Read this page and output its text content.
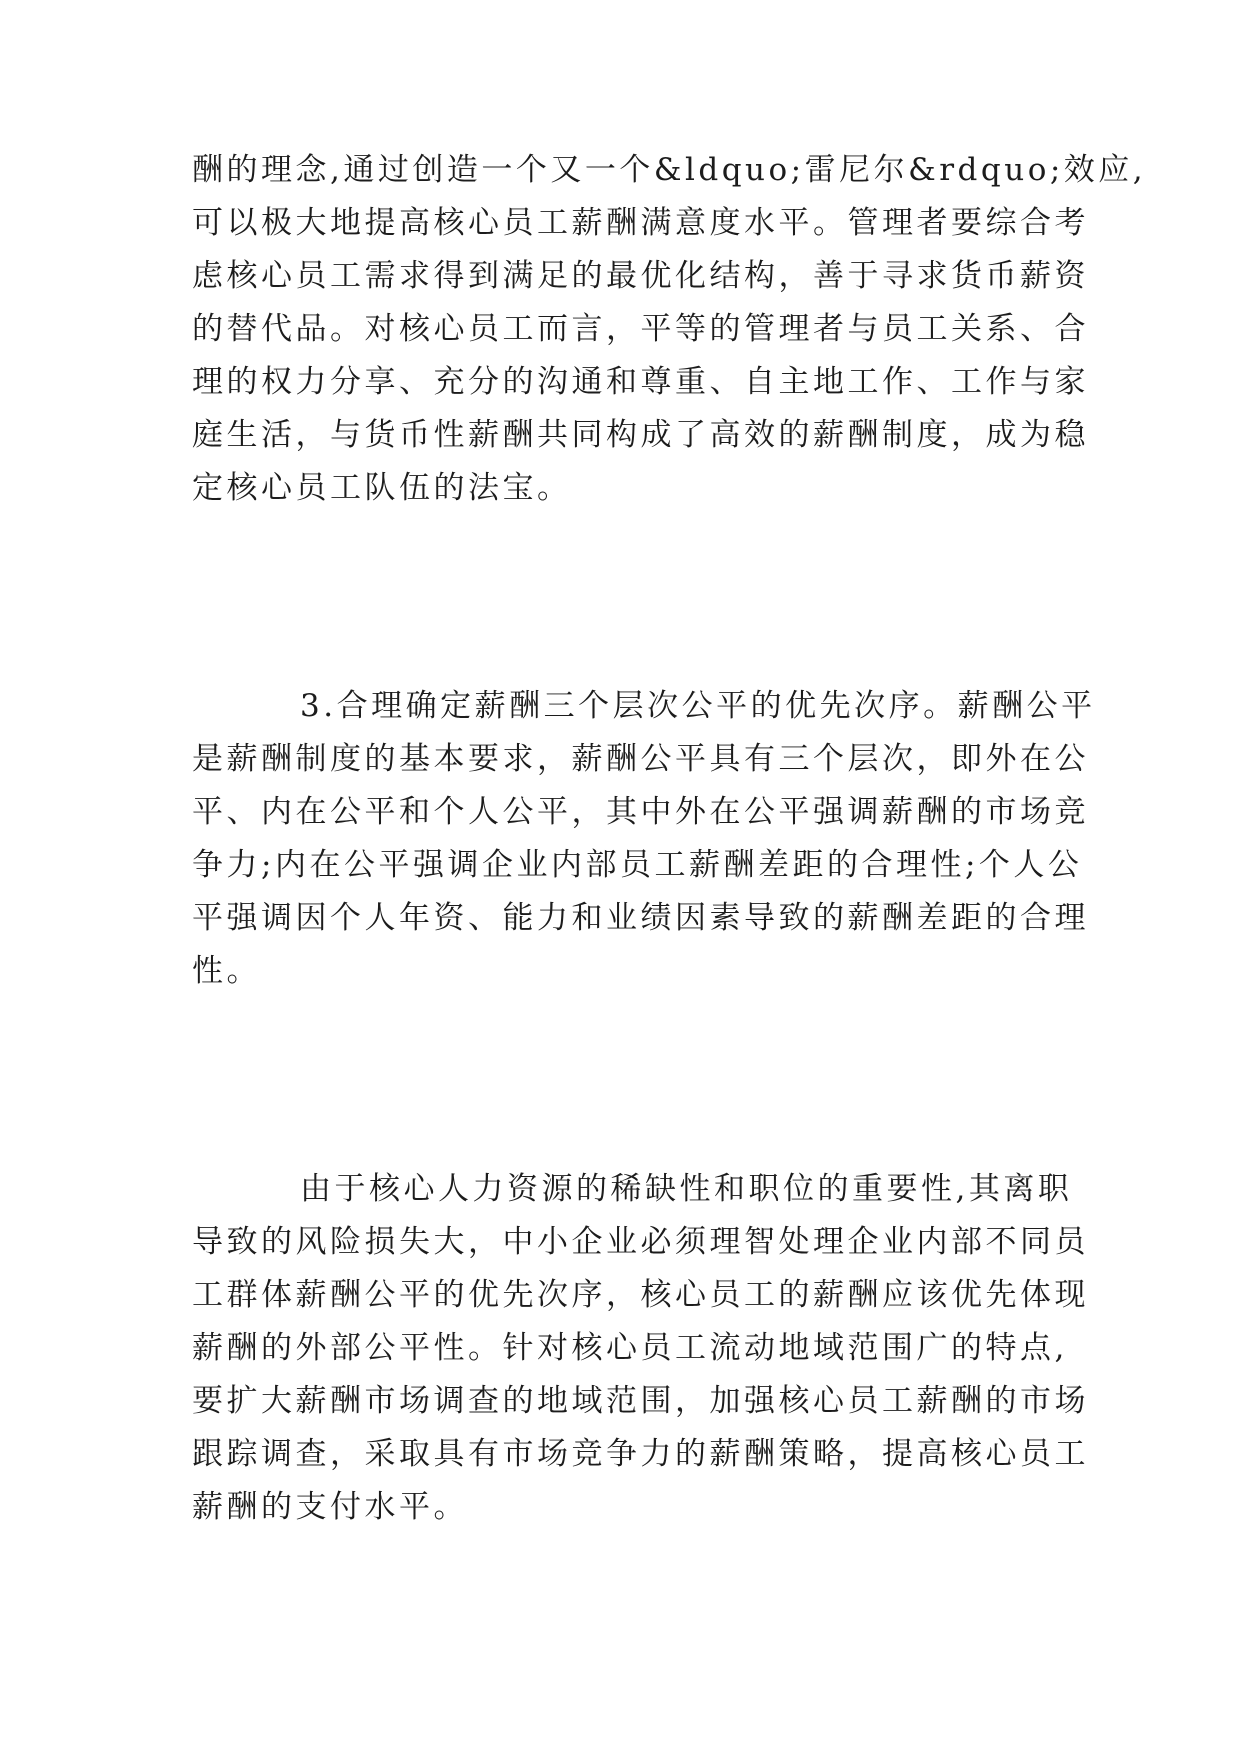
酬的理念,通过创造一个又一个&ldquo;雷尼尔&rdquo;效应,
可以极大地提高核心员工薪酬满意度水平。管理者要综合考
虑核心员工需求得到满足的最优化结构，善于寻求货币薪资
的替代品。对核心员工而言，平等的管理者与员工关系、合
理的权力分享、充分的沟通和尊重、自主地工作、工作与家
庭生活，与货币性薪酬共同构成了高效的薪酬制度，成为稳
定核心员工队伍的法宝。
3.合理确定薪酬三个层次公平的优先次序。薪酬公平
是薪酬制度的基本要求，薪酬公平具有三个层次，即外在公
平、内在公平和个人公平，其中外在公平强调薪酬的市场竞
争力;内在公平强调企业内部员工薪酬差距的合理性;个人公
平强调因个人年资、能力和业绩因素导致的薪酬差距的合理
性。
由于核心人力资源的稀缺性和职位的重要性,其离职
导致的风险损失大，中小企业必须理智处理企业内部不同员
工群体薪酬公平的优先次序，核心员工的薪酬应该优先体现
薪酬的外部公平性。针对核心员工流动地域范围广的特点,
要扩大薪酬市场调查的地域范围，加强核心员工薪酬的市场
跟踪调查，采取具有市场竞争力的薪酬策略，提高核心员工
薪酬的支付水平。
